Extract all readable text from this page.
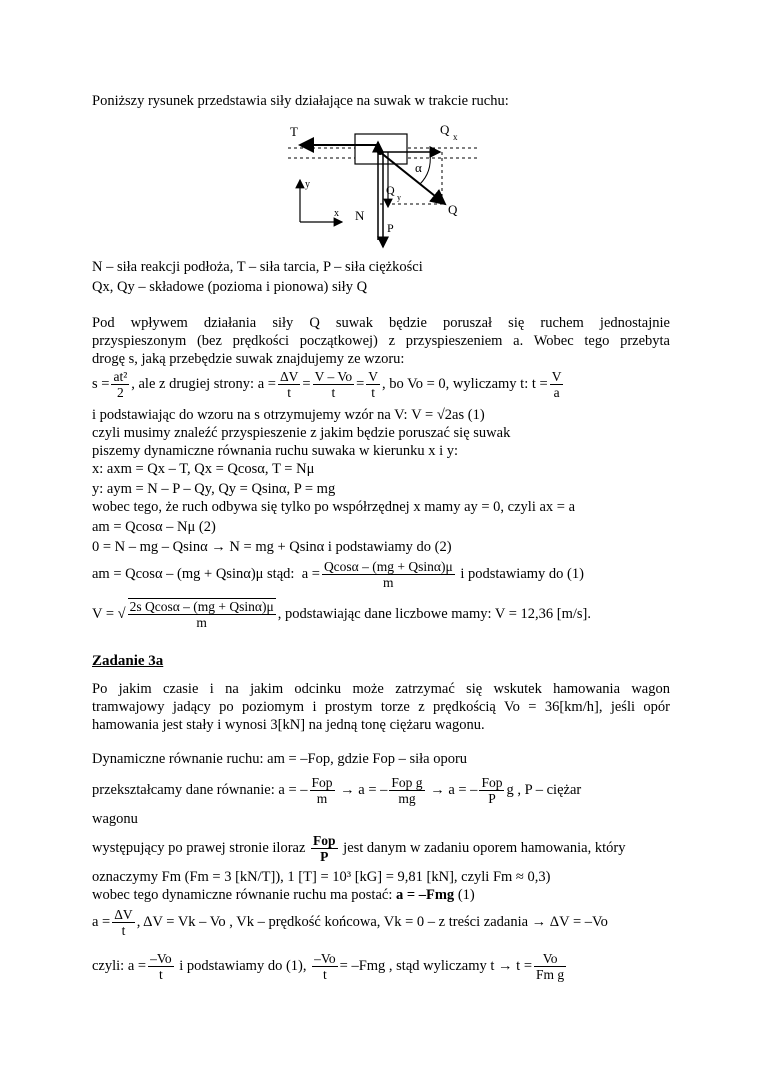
Poniższy rysunek przedstawia siły działające na suwak w trakcie ruchu:
T	Q x
α
y
x
Q
y
Q
N
P
N – siła reakcji podłoża, T – siła tarcia, P – siła ciężkości
Qx, Qy – składowe (pozioma i pionowa) siły Q
Pod wpływem działania siły Q suwak będzie poruszał się ruchem jednostajnie
przyspieszonym (bez prędkości początkowej) z przyspieszeniem a. Wobec tego przebyta
drogę s, jaką przebędzie suwak znajdujemy ze wzoru:
$s = \frac{\text{at²}}{2}$ , ale z drugiej strony:
$a = \frac{\Delta V}{t} = \frac{V - Vo}{t} = \frac{V}{t}$ , bo Vo = 0, wyliczamy t:
$t = \frac{V}{a}$
i podstawiając do wzoru na s otrzymujemy wzór na V: V = √2as (1)
czyli musimy znaleźć przyspieszenie z jakim będzie poruszać się suwak
piszemy dynamiczne równania ruchu suwaka w kierunku x i y:
x: axm = Qx – T, Qx = Qcosα, T = Nμ
y: aym = N – P – Qy, Qy = Qsinα, P = mg
wobec tego, że ruch odbywa się tylko po współrzędnej x mamy ay = 0, czyli ax = a
am = Qcosα – Nμ (2)
0 = N – mg – Qsinα → N = mg + Qsinα i podstawiamy do (2)
am = Qcosα – (mg + Qsinα)μ stąd:
$a = \frac{Qcos\alpha - (mg + Qsin\alpha)\mu}{m}$
i podstawiamy do (1)
V = √ $\frac{\text{2s Qcosα – (mg + Qsinα)μ}}{m}$ , podstawiając dane liczbowe mamy: V = 12,36 [m/s].
Zadanie 3a
Po jakim czasie i na jakim odcinku może zatrzymać się wskutek hamowania wagon
tramwajowy jadący po poziomym i prostym torze z prędkością Vo = 36[km/h], jeśli opór
hamowania jest stały i wynosi 3[kN] na jedną tonę ciężaru wagonu.
Dynamiczne równanie ruchu: am = –Fop, gdzie Fop – siła oporu
przekształcamy dane równanie:
a = – $\frac{\text{Fop}}{m}$
→ a = – $\frac{\text{Fop g}}{mg}$
→ a = – $\frac{\text{Fop}}{P}$ g , P – ciężar
wagonu
występujący po prawej stronie iloraz
$\frac{\text{Fop}}{P}$
jest danym w zadaniu oporem hamowania, który
oznaczymy Fm (Fm = 3 [kN/T]), 1 [T] = 10³ [kG] = 9,81 [kN], czyli Fm ≈ 0,3)
wobec tego dynamiczne równanie ruchu ma postać: a = –Fmg (1)
$a = \frac{\Delta V}{t}$ , ΔV = Vk – Vo , Vk – prędkość końcowa, Vk = 0 – z treści zadania → ΔV = –Vo
czyli:
$a = \frac{-Vo}{t}$
i podstawiamy do (1),
$\frac{-Vo}{t} = -Fmg$ , stąd wyliczamy t →
$t = \frac{Vo}{\text{Fm g}}$
